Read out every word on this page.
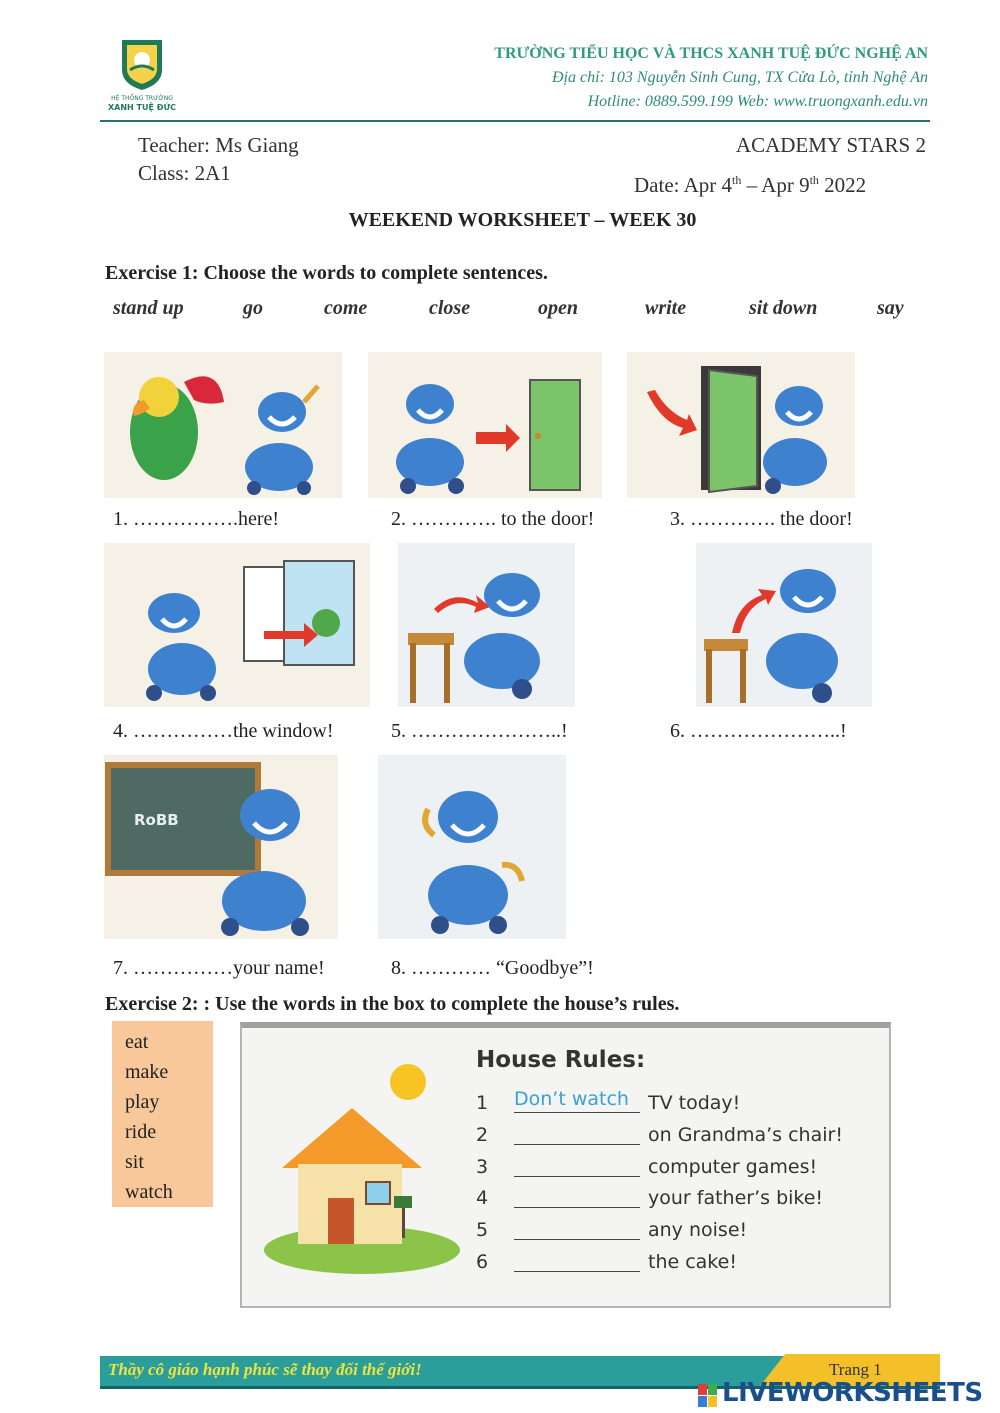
HỆ THỐNG TRƯỜNG
XANH TUỆ ĐỨC
TRƯỜNG TIỂU HỌC VÀ THCS XANH TUỆ ĐỨC NGHỆ AN
Địa chỉ: 103 Nguyễn Sinh Cung, TX Cửa Lò, tỉnh Nghệ An
Hotline: 0889.599.199 Web: www.truongxanh.edu.vn
Teacher: Ms Giang
Class: 2A1
ACADEMY STARS 2
Date: Apr 4th – Apr 9th 2022
WEEKEND WORKSHEET – WEEK 30
Exercise 1: Choose the words to complete sentences.
stand up	go	come	close	open	write	sit down	say
1. …………….here!	2. …………. to the door!	3. …………. the door!
4. ……………the window!	5. …………………..!	6. …………………..!
RoBB
7. ……………your name!	8. ………… “Goodbye”!
Exercise 2: : Use the words in the box to complete the house’s rules.
eat
make
play
ride
sit
watch
House Rules:
1 Don’t watch TV today!
2	on Grandma’s chair!
3	computer games!
4	your father’s bike!
5	any noise!
6	the cake!
Thầy cô giáo hạnh phúc sẽ thay đổi thế giới!	Trang 1
LIVEWORKSHEETS
